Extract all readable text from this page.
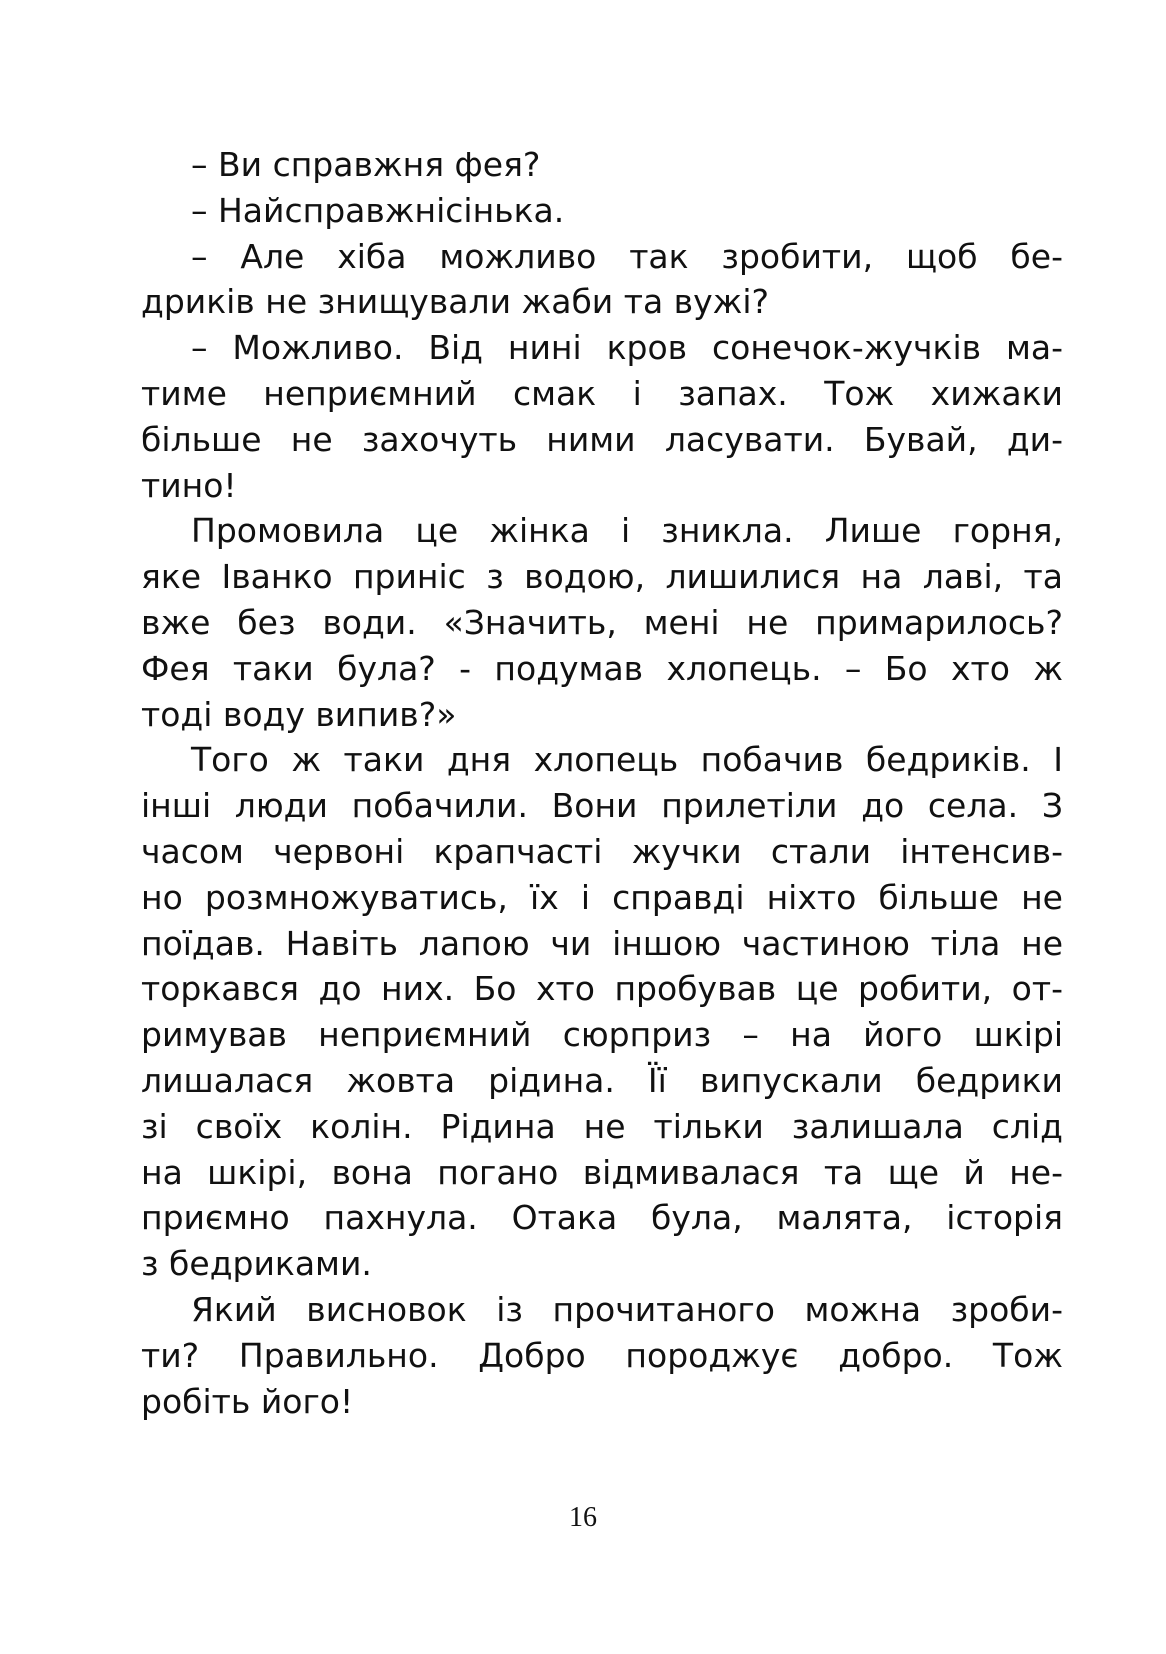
– Ви справжня фея?
– Найсправжнісінька.
– Але хіба можливо так зробити, щоб бе-
дриків не знищували жаби та вужі?
– Можливо. Від нині кров сонечок-жучків ма-
тиме неприємний смак і запах. Тож хижаки
більше не захочуть ними ласувати. Бувай, ди-
тино!
Промовила це жінка і зникла. Лише горня,
яке Іванко приніс з водою, лишилися на лаві, та
вже без води. «Значить, мені не примарилось?
Фея таки була? - подумав хлопець. – Бо хто ж
тоді воду випив?»
Того ж таки дня хлопець побачив бедриків. І
інші люди побачили. Вони прилетіли до села. З
часом червоні крапчасті жучки стали інтенсив-
но розмножуватись, їх і справді ніхто більше не
поїдав. Навіть лапою чи іншою частиною тіла не
торкався до них. Бо хто пробував це робити, от-
римував неприємний сюрприз – на його шкірі
лишалася жовта рідина. Її випускали бедрики
зі своїх колін. Рідина не тільки залишала слід
на шкірі, вона погано відмивалася та ще й не-
приємно пахнула. Отака була, малята, історія
з бедриками.
Який висновок із прочитаного можна зроби-
ти? Правильно. Добро породжує добро. Тож
робіть його!
16
